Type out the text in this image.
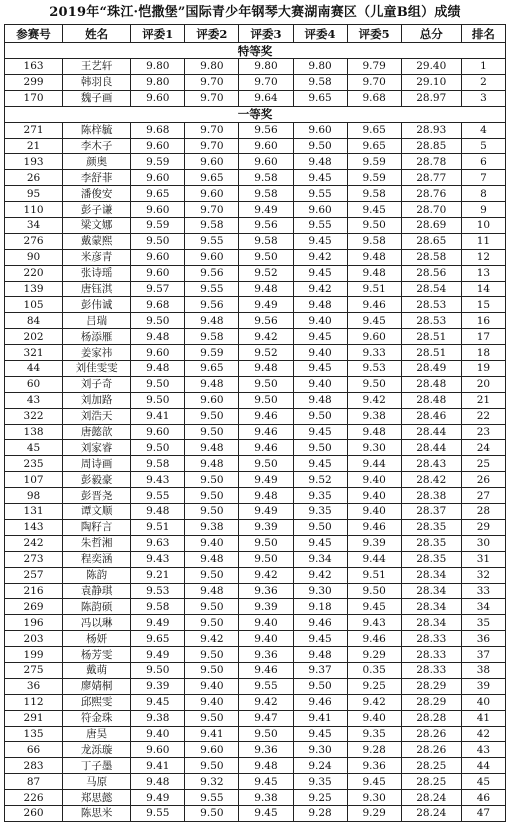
2019年“珠江·恺撒堡”国际青少年钢琴大赛湖南赛区（儿童B组）成绩
参赛号	姓名	评委1	评委2	评委3	评委4	评委5	总分	排名
特等奖								
163	王艺轩	9.80	9.80	9.80	9.80	9.79	29.40	1
299	韩羽良	9.80	9.70	9.70	9.58	9.70	29.10	2
170	魏子画	9.60	9.70	9.64	9.65	9.68	28.97	3
一等奖								
271	陈梓毓	9.68	9.70	9.56	9.60	9.65	28.93	4
21	李木子	9.60	9.70	9.60	9.50	9.65	28.85	5
193	颜奥	9.59	9.60	9.60	9.48	9.59	28.78	6
26	李舒菲	9.60	9.65	9.58	9.45	9.59	28.77	7
95	潘俊安	9.65	9.60	9.58	9.55	9.58	28.76	8
110	彭子谦	9.60	9.70	9.49	9.60	9.45	28.70	9
34	梁文娜	9.59	9.58	9.56	9.55	9.50	28.69	10
276	戴蒙熙	9.50	9.55	9.58	9.45	9.58	28.65	11
90	米彦青	9.60	9.60	9.50	9.42	9.48	28.58	12
220	张诗瑶	9.60	9.56	9.52	9.45	9.48	28.56	13
139	唐钰淇	9.57	9.55	9.48	9.42	9.51	28.54	14
105	彭伟诚	9.68	9.56	9.49	9.48	9.46	28.53	15
84	吕瑞	9.50	9.48	9.56	9.40	9.45	28.53	16
202	杨添雁	9.48	9.58	9.42	9.45	9.60	28.51	17
321	姜家祎	9.60	9.59	9.52	9.40	9.33	28.51	18
44	刘佳雯雯	9.48	9.65	9.48	9.45	9.53	28.49	19
60	刘子奇	9.50	9.48	9.50	9.40	9.50	28.48	20
43	刘加路	9.50	9.60	9.50	9.48	9.42	28.48	21
322	刘浩天	9.41	9.50	9.46	9.50	9.38	28.46	22
138	唐懿歆	9.60	9.50	9.46	9.45	9.48	28.44	23
45	刘家睿	9.50	9.48	9.46	9.50	9.30	28.44	24
235	周诗画	9.58	9.48	9.50	9.45	9.44	28.43	25
107	彭毅豪	9.43	9.50	9.49	9.52	9.40	28.42	26
98	彭晋尧	9.55	9.50	9.48	9.35	9.40	28.38	27
131	谭文顺	9.48	9.50	9.49	9.35	9.40	28.37	28
143	陶籽言	9.51	9.38	9.39	9.50	9.46	28.35	29
242	朱哲湘	9.63	9.40	9.50	9.45	9.39	28.35	30
273	程奕涵	9.43	9.48	9.50	9.34	9.44	28.35	31
257	陈韵	9.21	9.50	9.42	9.42	9.51	28.34	32
216	袁静琪	9.53	9.48	9.36	9.30	9.50	28.34	33
269	陈韵硕	9.58	9.50	9.39	9.18	9.45	28.34	34
196	冯以琳	9.49	9.50	9.40	9.46	9.43	28.34	35
203	杨妍	9.65	9.42	9.40	9.45	9.46	28.33	36
199	杨芳雯	9.49	9.50	9.36	9.48	9.29	28.33	37
275	戴萌	9.50	9.50	9.46	9.37	0.35	28.33	38
36	廖婧桐	9.39	9.40	9.55	9.50	9.25	28.29	39
112	邱熙雯	9.45	9.40	9.42	9.46	9.42	28.29	40
291	符金珠	9.38	9.50	9.47	9.41	9.40	28.28	41
135	唐昊	9.40	9.41	9.50	9.45	9.35	28.26	42
66	龙泺璇	9.60	9.60	9.36	9.30	9.28	28.26	43
283	丁子墨	9.41	9.50	9.48	9.24	9.36	28.25	44
87	马原	9.48	9.32	9.45	9.35	9.45	28.25	45
226	郑思懿	9.49	9.55	9.38	9.25	9.30	28.24	46
260	陈思米	9.55	9.50	9.45	9.28	9.29	28.24	47
